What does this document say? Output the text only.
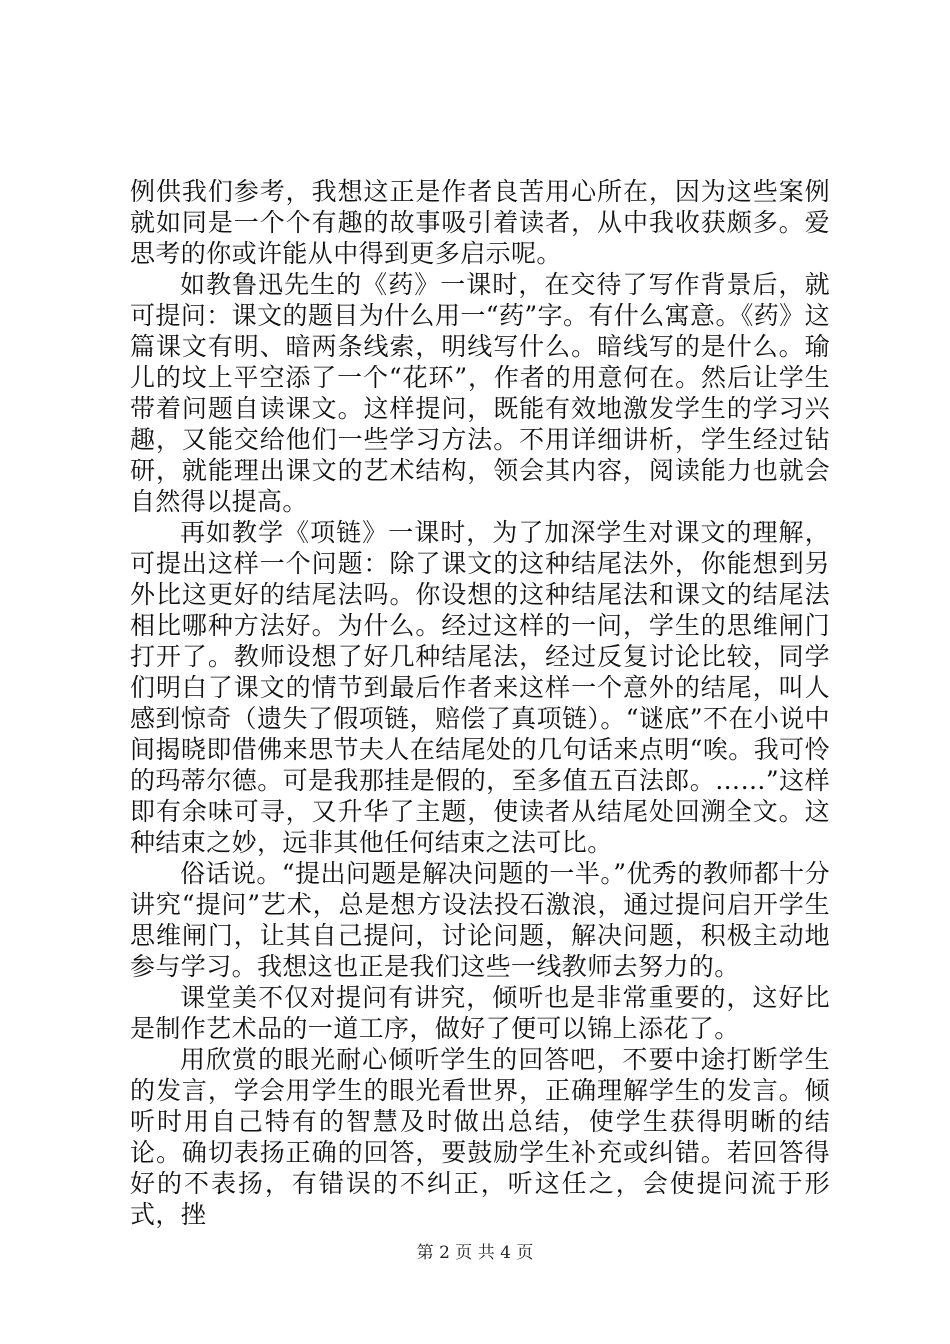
例供我们参考，我想这正是作者良苦用心所在，因为这些案例就如同是一个个有趣的故事吸引着读者，从中我收获颇多。爱思考的你或许能从中得到更多启示呢。

如教鲁迅先生的《药》一课时，在交待了写作背景后，就可提问：课文的题目为什么用一“药”字。有什么寓意。《药》这篇课文有明、暗两条线索，明线写什么。暗线写的是什么。瑜儿的坟上平空添了一个“花环”，作者的用意何在。然后让学生带着问题自读课文。这样提问，既能有效地激发学生的学习兴趣，又能交给他们一些学习方法。不用详细讲析，学生经过钻研，就能理出课文的艺术结构，领会其内容，阅读能力也就会自然得以提高。

再如教学《项链》一课时，为了加深学生对课文的理解，可提出这样一个问题：除了课文的这种结尾法外，你能想到另外比这更好的结尾法吗。你设想的这种结尾法和课文的结尾法相比哪种方法好。为什么。经过这样的一问，学生的思维闸门打开了。教师设想了好几种结尾法，经过反复讨论比较，同学们明白了课文的情节到最后作者来这样一个意外的结尾，叫人感到惊奇（遗失了假项链，赔偿了真项链）。“谜底”不在小说中间揭晓即借佛来思节夫人在结尾处的几句话来点明“唉。我可怜的玛蒂尔德。可是我那挂是假的，至多值五百法郎。……”这样即有余味可寻，又升华了主题，使读者从结尾处回溯全文。这种结束之妙，远非其他任何结束之法可比。

俗话说。“提出问题是解决问题的一半。”优秀的教师都十分讲究“提问”艺术，总是想方设法投石激浪，通过提问启开学生思维闸门，让其自己提问，讨论问题，解决问题，积极主动地参与学习。我想这也正是我们这些一线教师去努力的。

课堂美不仅对提问有讲究，倾听也是非常重要的，这好比是制作艺术品的一道工序，做好了便可以锦上添花了。

用欣赏的眼光耐心倾听学生的回答吧，不要中途打断学生的发言，学会用学生的眼光看世界，正确理解学生的发言。倾听时用自己特有的智慧及时做出总结，使学生获得明晰的结论。确切表扬正确的回答，要鼓励学生补充或纠错。若回答得好的不表扬，有错误的不纠正，听这任之，会使提问流于形式，挫

第 2 页 共 4 页
